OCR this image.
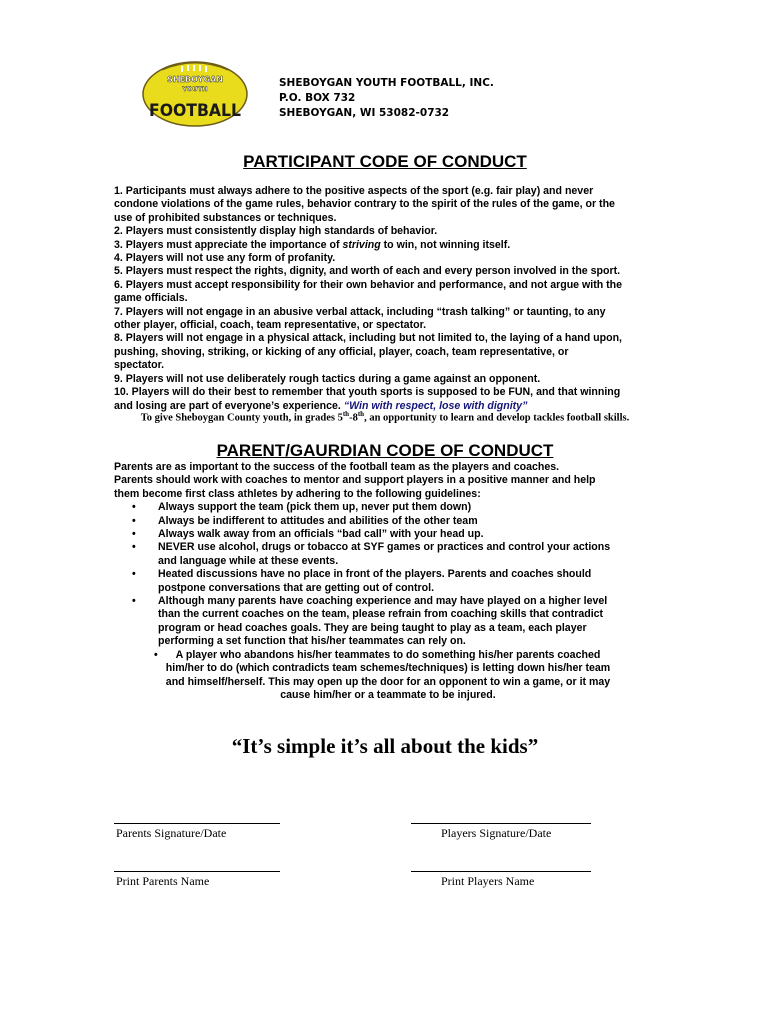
SHEBOYGAN
YOUTH
FOOTBALL
SHEBOYGAN YOUTH FOOTBALL, INC.
P.O. BOX 732
SHEBOYGAN, WI 53082-0732
PARTICIPANT CODE OF CONDUCT

1. Participants must always adhere to the positive aspects of the sport (e.g. fair play) and never

condone violations of the game rules, behavior contrary to the spirit of the rules of the game, or the

use of prohibited substances or techniques.

2. Players must consistently display high standards of behavior.

3. Players must appreciate the importance of striving to win, not winning itself.

4. Players will not use any form of profanity.

5. Players must respect the rights, dignity, and worth of each and every person involved in the sport.

6. Players must accept responsibility for their own behavior and performance, and not argue with the

game officials.

7. Players will not engage in an abusive verbal attack, including “trash talking” or taunting, to any

other player, official, coach, team representative, or spectator.

8. Players will not engage in a physical attack, including but not limited to, the laying of a hand upon,

pushing, shoving, striking, or kicking of any official, player, coach, team representative, or

spectator.

9. Players will not use deliberately rough tactics during a game against an opponent.

10. Players will do their best to remember that youth sports is supposed to be FUN, and that winning

and losing are part of everyone’s experience. “Win with respect, lose with dignity”

To give Sheboygan County youth, in grades 5th-8th, an opportunity to learn and develop tackles football skills.
PARENT/GAURDIAN CODE OF CONDUCT

Parents are as important to the success of the football team as the players and coaches.

Parents should work with coaches to mentor and support players in a positive manner and help

them become first class athletes by adhering to the following guidelines:

• Always support the team (pick them up, never put them down)
• Always be indifferent to attitudes and abilities of the other team
• Always walk away from an officials “bad call” with your head up.
• NEVER use alcohol, drugs or tobacco at SYF games or practices and control your actions
and language while at these events.
• Heated discussions have no place in front of the players. Parents and coaches should
postpone conversations that are getting out of control.
• Although many parents have coaching experience and may have played on a higher level
than the current coaches on the team, please refrain from coaching skills that contradict
program or head coaches goals. They are being taught to play as a team, each player
performing a set function that his/her teammates can rely on.
•	A player who abandons his/her teammates to do something his/her parents coached
him/her to do (which contradicts team schemes/techniques) is letting down his/her team
and himself/herself. This may open up the door for an opponent to win a game, or it may
cause him/her or a teammate to be injured.
“It’s simple it’s all about the kids”
Parents Signature/Date	Players Signature/Date
Print Parents Name	Print Players Name
